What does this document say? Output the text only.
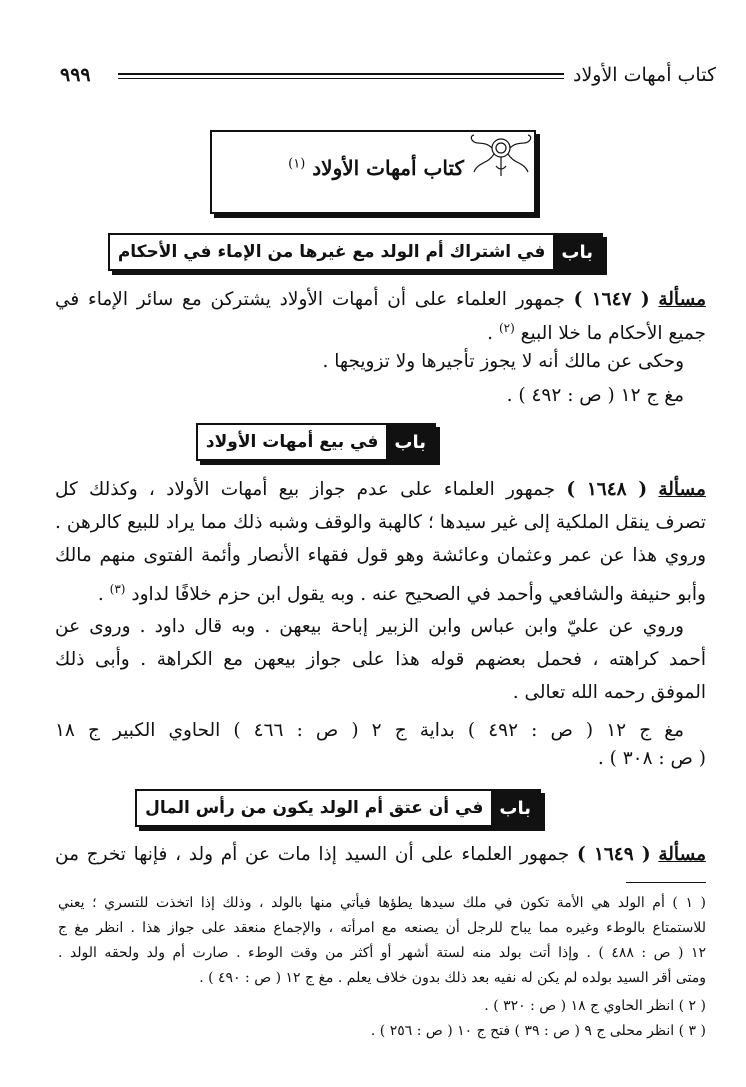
كتاب أمهات الأولاد
٩٩٩
كتاب أمهات الأولاد $^{(١)}$
باب
في اشتراك أم الولد مع غيرها من الإماء في الأحكام
مسألة ( ١٦٤٧ ) جمهور العلماء على أن أمهات الأولاد يشتركن مع سائر الإماء في
جميع الأحكام ما خلا البيع $^{(٢)}$ .
وحكى عن مالك أنه لا يجوز تأجيرها ولا تزويجها .
مغ ج ١٢ ( ص : ٤٩٢ ) .
باب
في بيع أمهات الأولاد
مسألة ( ١٦٤٨ ) جمهور العلماء على عدم جواز بيع أمهات الأولاد ، وكذلك كل
تصرف ينقل الملكية إلى غير سيدها ؛ كالهبة والوقف وشبه ذلك مما يراد للبيع كالرهن .
وروي هذا عن عمر وعثمان وعائشة وهو قول فقهاء الأنصار وأئمة الفتوى منهم مالك
وأبو حنيفة والشافعي وأحمد في الصحيح عنه . وبه يقول ابن حزم خلافًا لداود $^{(٣)}$ .
وروي عن عليّ وابن عباس وابن الزبير إباحة بيعهن . وبه قال داود . وروى عن
أحمد كراهته ، فحمل بعضهم قوله هذا على جواز بيعهن مع الكراهة . وأبى ذلك
الموفق رحمه الله تعالى .
مغ ج ١٢ ( ص : ٤٩٢ ) بداية ج ٢ ( ص : ٤٦٦ ) الحاوي الكبير ج ١٨
( ص : ٣٠٨ ) .
باب
في أن عتق أم الولد يكون من رأس المال
مسألة ( ١٦٤٩ ) جمهور العلماء على أن السيد إذا مات عن أم ولد ، فإنها تخرج من
( ١ ) أم الولد هي الأمة تكون في ملك سيدها يطؤها فيأتي منها بالولد ، وذلك إذا اتخذت للتسري ؛ يعني
للاستمتاع بالوطء وغيره مما يباح للرجل أن يصنعه مع امرأته ، والإجماع منعقد على جواز هذا . انظر مغ ج
١٢ ( ص : ٤٨٨ ) . وإذا أتت بولد منه لستة أشهر أو أكثر من وقت الوطء . صارت أم ولد ولحقه الولد .
ومتى أقر السيد بولده لم يكن له نفيه بعد ذلك بدون خلاف يعلم . مغ ج ١٢ ( ص : ٤٩٠ ) .
( ٢ ) انظر الحاوي ج ١٨ ( ص : ٣٢٠ ) .
( ٣ ) انظر محلى ج ٩ ( ص : ٣٩ ) فتح ج ١٠ ( ص : ٢٥٦ ) .
